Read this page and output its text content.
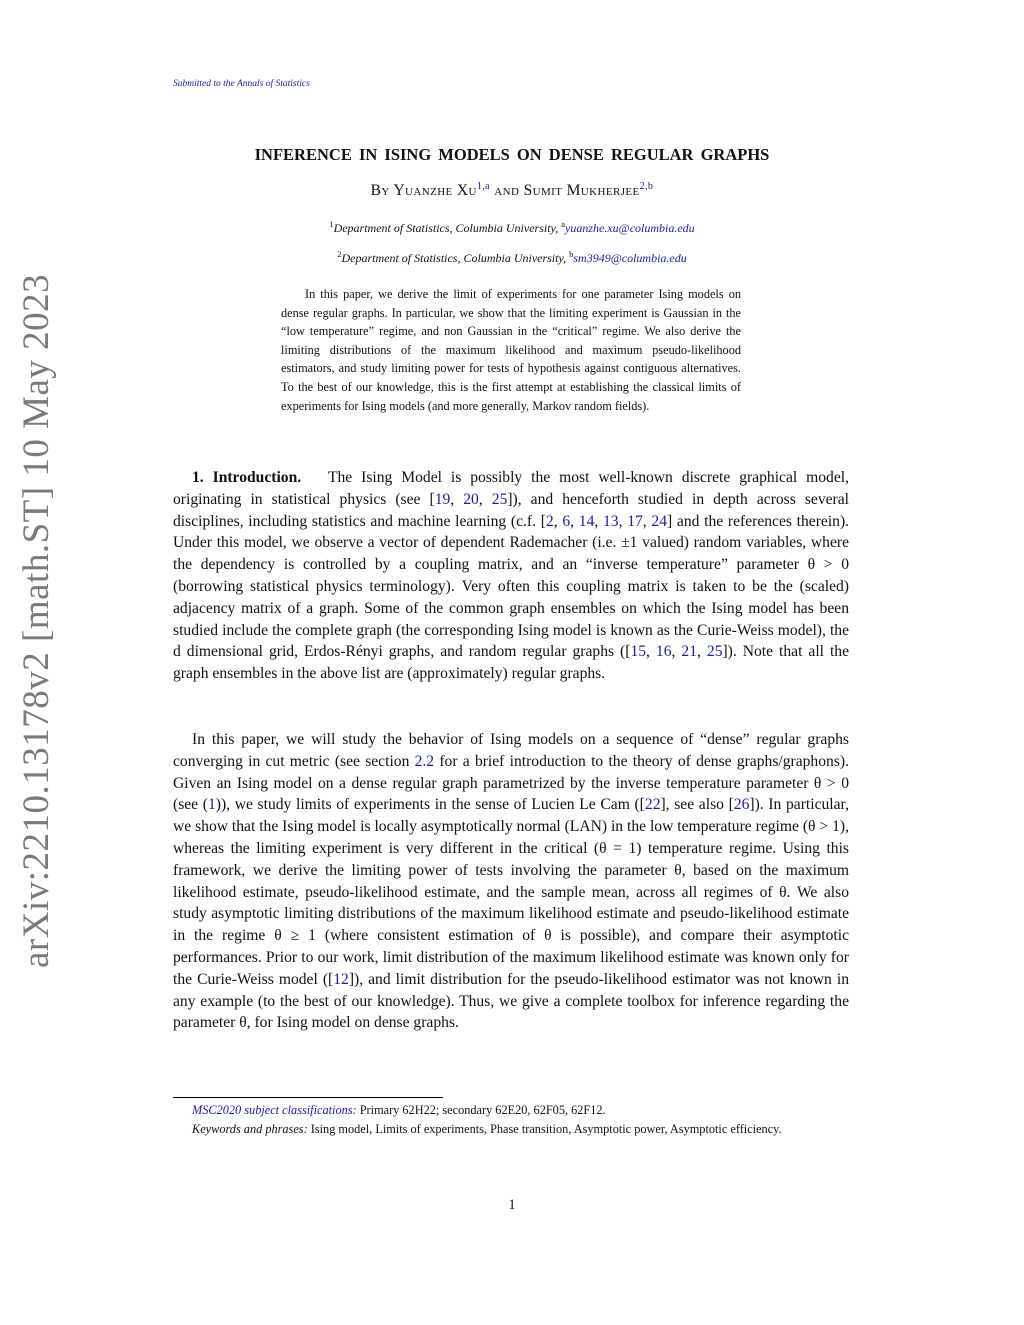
Submitted to the Annals of Statistics
arXiv:2210.13178v2 [math.ST] 10 May 2023
INFERENCE IN ISING MODELS ON DENSE REGULAR GRAPHS
By Yuanzhe Xu$^{1,a}$ and Sumit Mukherjee$^{2,b}$
$^1$Department of Statistics, Columbia University, $^a$yuanzhe.xu@columbia.edu
$^2$Department of Statistics, Columbia University, $^b$sm3949@columbia.edu
In this paper, we derive the limit of experiments for one parameter Ising models on dense regular graphs. In particular, we show that the limiting experiment is Gaussian in the “low temperature” regime, and non Gaussian in the “critical” regime. We also derive the limiting distributions of the maximum likelihood and maximum pseudo-likelihood estimators, and study limiting power for tests of hypothesis against contiguous alternatives. To the best of our knowledge, this is the first attempt at establishing the classical limits of experiments for Ising models (and more generally, Markov random fields).
1. Introduction. The Ising Model is possibly the most well-known discrete graphical model, originating in statistical physics (see [19, 20, 25]), and henceforth studied in depth across several disciplines, including statistics and machine learning (c.f. [2, 6, 14, 13, 17, 24] and the references therein). Under this model, we observe a vector of dependent Rademacher (i.e. ±1 valued) random variables, where the dependency is controlled by a coupling matrix, and an “inverse temperature” parameter θ > 0 (borrowing statistical physics terminology). Very often this coupling matrix is taken to be the (scaled) adjacency matrix of a graph. Some of the common graph ensembles on which the Ising model has been studied include the complete graph (the corresponding Ising model is known as the Curie-Weiss model), the d dimensional grid, Erdos-Rényi graphs, and random regular graphs ([15, 16, 21, 25]). Note that all the graph ensembles in the above list are (approximately) regular graphs.
In this paper, we will study the behavior of Ising models on a sequence of “dense” regular graphs converging in cut metric (see section 2.2 for a brief introduction to the theory of dense graphs/graphons). Given an Ising model on a dense regular graph parametrized by the inverse temperature parameter θ > 0 (see (1)), we study limits of experiments in the sense of Lucien Le Cam ([22], see also [26]). In particular, we show that the Ising model is locally asymptotically normal (LAN) in the low temperature regime (θ > 1), whereas the limiting experiment is very different in the critical (θ = 1) temperature regime. Using this framework, we derive the limiting power of tests involving the parameter θ, based on the maximum likelihood estimate, pseudo-likelihood estimate, and the sample mean, across all regimes of θ. We also study asymptotic limiting distributions of the maximum likelihood estimate and pseudo-likelihood estimate in the regime θ ≥ 1 (where consistent estimation of θ is possible), and compare their asymptotic performances. Prior to our work, limit distribution of the maximum likelihood estimate was known only for the Curie-Weiss model ([12]), and limit distribution for the pseudo-likelihood estimator was not known in any example (to the best of our knowledge). Thus, we give a complete toolbox for inference regarding the parameter θ, for Ising model on dense graphs.
MSC2020 subject classifications: Primary 62H22; secondary 62E20, 62F05, 62F12.
Keywords and phrases: Ising model, Limits of experiments, Phase transition, Asymptotic power, Asymptotic efficiency.
1
